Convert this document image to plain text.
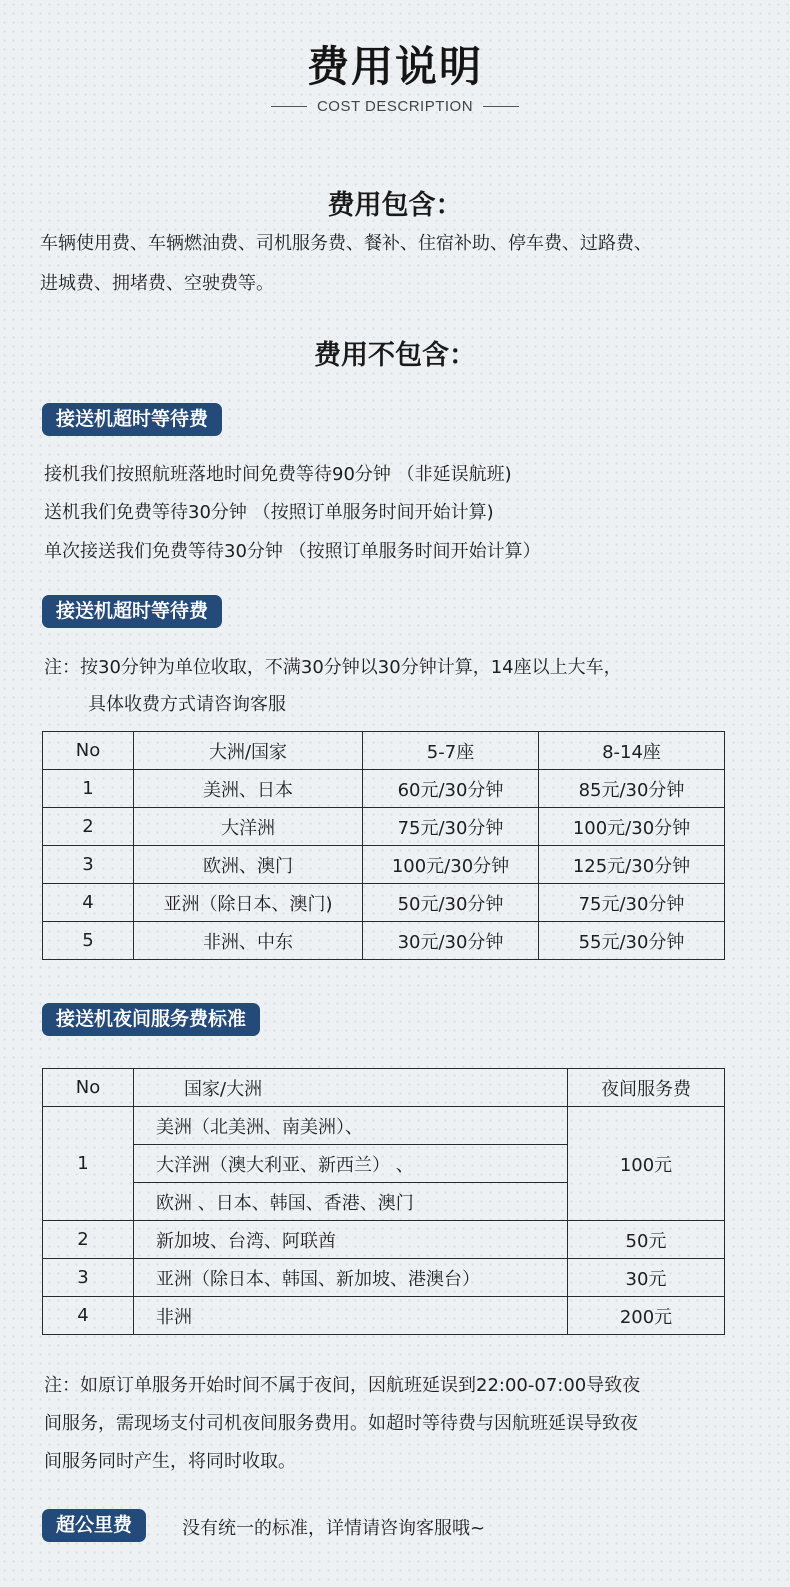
费用说明
COST DESCRIPTION
费用包含：
车辆使用费、车辆燃油费、司机服务费、餐补、住宿补助、停车费、过路费、
进城费、拥堵费、空驶费等。
费用不包含：
接送机超时等待费
接机我们按照航班落地时间免费等待90分钟 （非延误航班)
送机我们免费等待30分钟 （按照订单服务时间开始计算)
单次接送我们免费等待30分钟 （按照订单服务时间开始计算）
接送机超时等待费
注：按30分钟为单位收取，不满30分钟以30分钟计算，14座以上大车，
具体收费方式请咨询客服
No	大洲/国家	5-7座	8-14座
1	美洲、日本	60元/30分钟	85元/30分钟
2	大洋洲	75元/30分钟	100元/30分钟
3	欧洲、澳门	100元/30分钟	125元/30分钟
4	亚洲（除日本、澳门)	50元/30分钟	75元/30分钟
5	非洲、中东	30元/30分钟	55元/30分钟
接送机夜间服务费标准
No	国家/大洲	夜间服务费
1	美洲（北美洲、南美洲）、	100元
	大洋洲（澳大利亚、新西兰） 、	
	欧洲 、日本、韩国、香港、澳门	
2	新加坡、台湾、阿联酋	50元
3	亚洲（除日本、韩国、新加坡、港澳台）	30元
4	非洲	200元
注：如原订单服务开始时间不属于夜间，因航班延误到22:00-07:00导致夜
间服务，需现场支付司机夜间服务费用。如超时等待费与因航班延误导致夜
间服务同时产生，将同时收取。
超公里费	没有统一的标准，详情请咨询客服哦~
